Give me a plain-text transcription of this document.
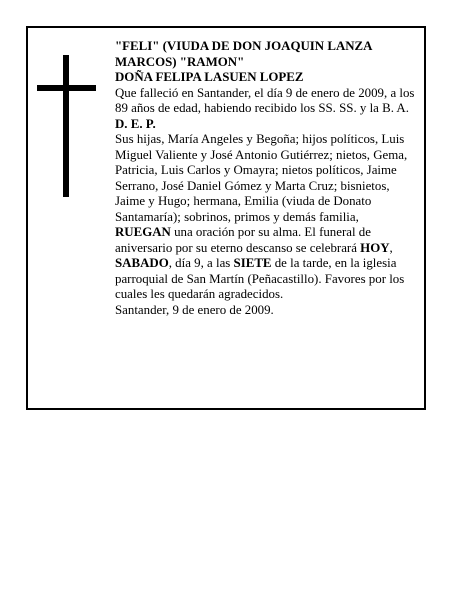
"FELI" (VIUDA DE DON JOAQUIN LANZA MARCOS) "RAMON"

DOÑA FELIPA LASUEN LOPEZ

Que falleció en Santander, el día 9 de enero de 2009, a los 89 años de edad, habiendo recibido los SS. SS. y la B. A.

D. E. P.

Sus hijas, María Angeles y Begoña; hijos políticos, Luis Miguel Valiente y José Antonio Gutiérrez; nietos, Gema, Patricia, Luis Carlos y Omayra; nietos políticos, Jaime Serrano, José Daniel Gómez y Marta Cruz; bisnietos, Jaime y Hugo; hermana, Emilia (viuda de Donato Santamaría); sobrinos, primos y demás familia,

RUEGAN una oración por su alma. El funeral de aniversario por su eterno descanso se celebrará HOY, SABADO, día 9, a las SIETE de la tarde, en la iglesia parroquial de San Martín (Peñacastillo). Favores por los cuales les quedarán agradecidos.

Santander, 9 de enero de 2009.
